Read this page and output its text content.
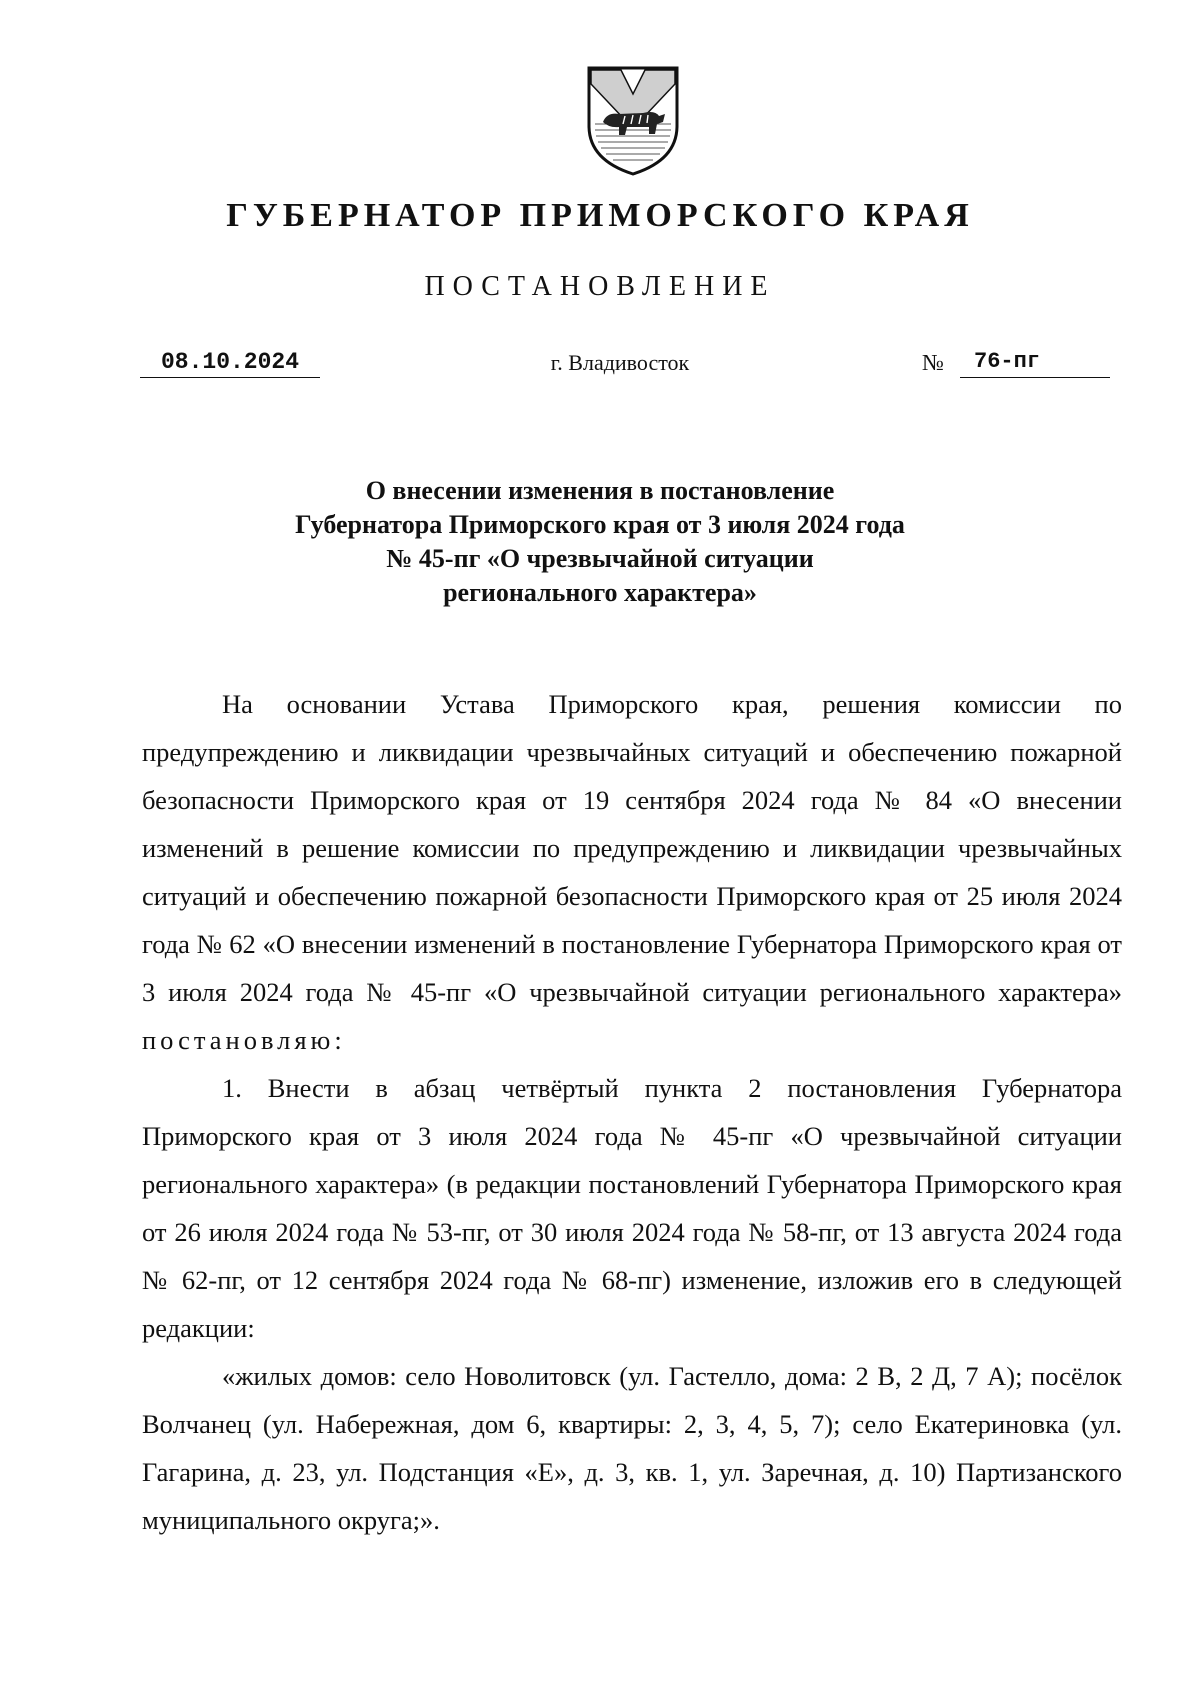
ГУБЕРНАТОР ПРИМОРСКОГО КРАЯ
ПОСТАНОВЛЕНИЕ
08.10.2024	г. Владивосток	№	76-пг
О внесении изменения в постановление
Губернатора Приморского края от 3 июля 2024 года
№ 45-пг «О чрезвычайной ситуации
регионального характера»

На основании Устава Приморского края, решения комиссии по предупреждению и ликвидации чрезвычайных ситуаций и обеспечению пожарной безопасности Приморского края от 19 сентября 2024 года № 84 «О внесении изменений в решение комиссии по предупреждению и ликвидации чрезвычайных ситуаций и обеспечению пожарной безопасности Приморского края от 25 июля 2024 года № 62 «О внесении изменений в постановление Губернатора Приморского края от 3 июля 2024 года № 45-пг «О чрезвычайной ситуации регионального характера» постановляю:

1. Внести в абзац четвёртый пункта 2 постановления Губернатора Приморского края от 3 июля 2024 года № 45-пг «О чрезвычайной ситуации регионального характера» (в редакции постановлений Губернатора Приморского края от 26 июля 2024 года № 53-пг, от 30 июля 2024 года № 58-пг, от 13 августа 2024 года № 62-пг, от 12 сентября 2024 года № 68-пг) изменение, изложив его в следующей редакции:

«жилых домов: село Новолитовск (ул. Гастелло, дома: 2 В, 2 Д, 7 А); посёлок Волчанец (ул. Набережная, дом 6, квартиры: 2, 3, 4, 5, 7); село Екатериновка (ул. Гагарина, д. 23, ул. Подстанция «Е», д. 3, кв. 1, ул. Заречная, д. 10) Партизанского муниципального округа;».
